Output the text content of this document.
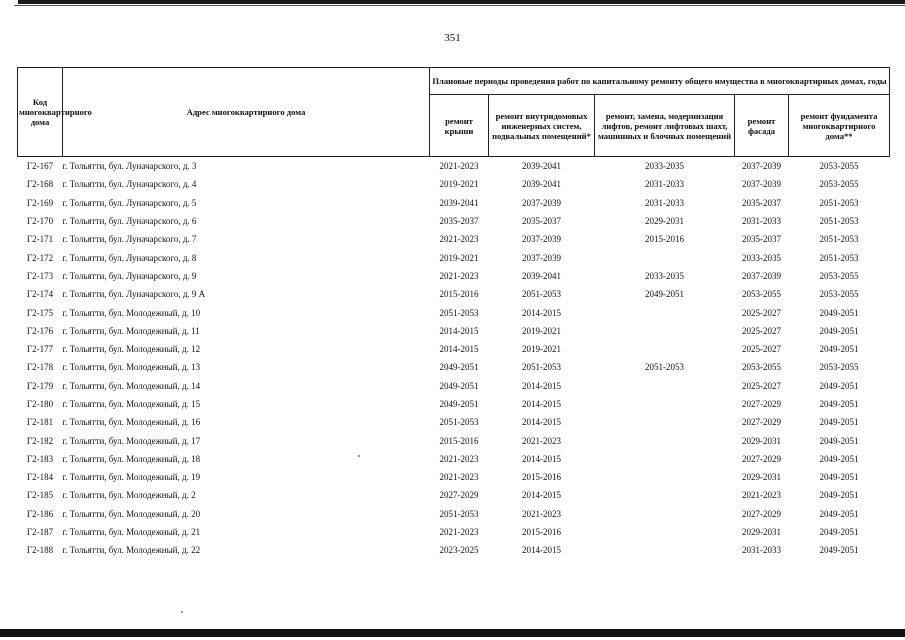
351
Код многоквартирного дома	Адрес многоквартирного дома	Плановые периоды проведения работ по капитальному ремонту общего имущества в многоквартирных домах, годы				
		ремонт крыши	ремонт внутридомовых инженерных систем, подвальных помещений*	ремонт, замена, модернизация лифтов, ремонт лифтовых шахт, машинных и блочных помещений	ремонт фасада	ремонт фундамента многоквартирного дома**
Г2-167	г. Тольятти, бул. Луначарского, д. 3	2021-2023	2039-2041	2033-2035	2037-2039	2053-2055
Г2-168	г. Тольятти, бул. Луначарского, д. 4	2019-2021	2039-2041	2031-2033	2037-2039	2053-2055
Г2-169	г. Тольятти, бул. Луначарского, д. 5	2039-2041	2037-2039	2031-2033	2035-2037	2051-2053
Г2-170	г. Тольятти, бул. Луначарского, д. 6	2035-2037	2035-2037	2029-2031	2031-2033	2051-2053
Г2-171	г. Тольятти, бул. Луначарского, д. 7	2021-2023	2037-2039	2015-2016	2035-2037	2051-2053
Г2-172	г. Тольятти, бул. Луначарского, д. 8	2019-2021	2037-2039		2033-2035	2051-2053
Г2-173	г. Тольятти, бул. Луначарского, д. 9	2021-2023	2039-2041	2033-2035	2037-2039	2053-2055
Г2-174	г. Тольятти, бул. Луначарского, д. 9 А	2015-2016	2051-2053	2049-2051	2053-2055	2053-2055
Г2-175	г. Тольятти, бул. Молодежный, д. 10	2051-2053	2014-2015		2025-2027	2049-2051
Г2-176	г. Тольятти, бул. Молодежный, д. 11	2014-2015	2019-2021		2025-2027	2049-2051
Г2-177	г. Тольятти, бул. Молодежный, д. 12	2014-2015	2019-2021		2025-2027	2049-2051
Г2-178	г. Тольятти, бул. Молодежный, д. 13	2049-2051	2051-2053	2051-2053	2053-2055	2053-2055
Г2-179	г. Тольятти, бул. Молодежный, д. 14	2049-2051	2014-2015		2025-2027	2049-2051
Г2-180	г. Тольятти, бул. Молодежный, д. 15	2049-2051	2014-2015		2027-2029	2049-2051
Г2-181	г. Тольятти, бул. Молодежный, д. 16	2051-2053	2014-2015		2027-2029	2049-2051
Г2-182	г. Тольятти, бул. Молодежный, д. 17	2015-2016	2021-2023		2029-2031	2049-2051
Г2-183	г. Тольятти, бул. Молодежный, д. 18	2021-2023	2014-2015		2027-2029	2049-2051
Г2-184	г. Тольятти, бул. Молодежный, д. 19	2021-2023	2015-2016		2029-2031	2049-2051
Г2-185	г. Тольятти, бул. Молодежный, д. 2	2027-2029	2014-2015		2021-2023	2049-2051
Г2-186	г. Тольятти, бул. Молодежный, д. 20	2051-2053	2021-2023		2027-2029	2049-2051
Г2-187	г. Тольятти, бул. Молодежный, д. 21	2021-2023	2015-2016		2029-2031	2049-2051
Г2-188	г. Тольятти, бул. Молодежный, д. 22	2023-2025	2014-2015		2031-2033	2049-2051
